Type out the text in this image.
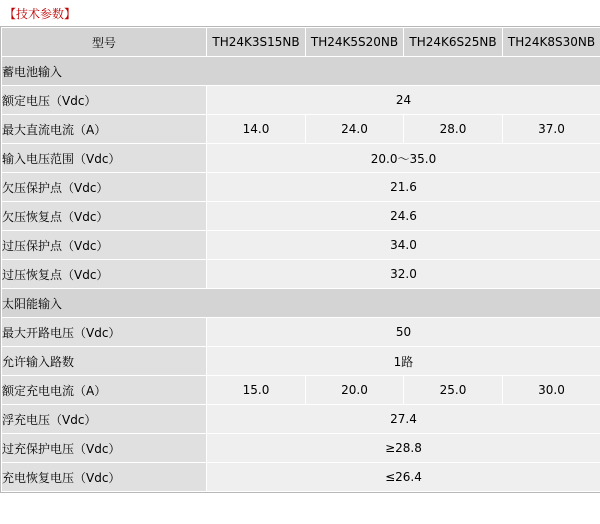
【技术参数】
型号	TH24K3S15NB	TH24K5S20NB	TH24K6S25NB	TH24K8S30NB
蓄电池输入				
额定电压（Vdc）	24			
最大直流电流（A）	14.0	24.0	28.0	37.0
输入电压范围（Vdc）	20.0～35.0			
欠压保护点（Vdc）	21.6			
欠压恢复点（Vdc）	24.6			
过压保护点（Vdc）	34.0			
过压恢复点（Vdc）	32.0			
太阳能输入				
最大开路电压（Vdc）	50			
允许输入路数	1路			
额定充电电流（A）	15.0	20.0	25.0	30.0
浮充电压（Vdc）	27.4			
过充保护电压（Vdc）	≥28.8			
充电恢复电压（Vdc）	≤26.4			
